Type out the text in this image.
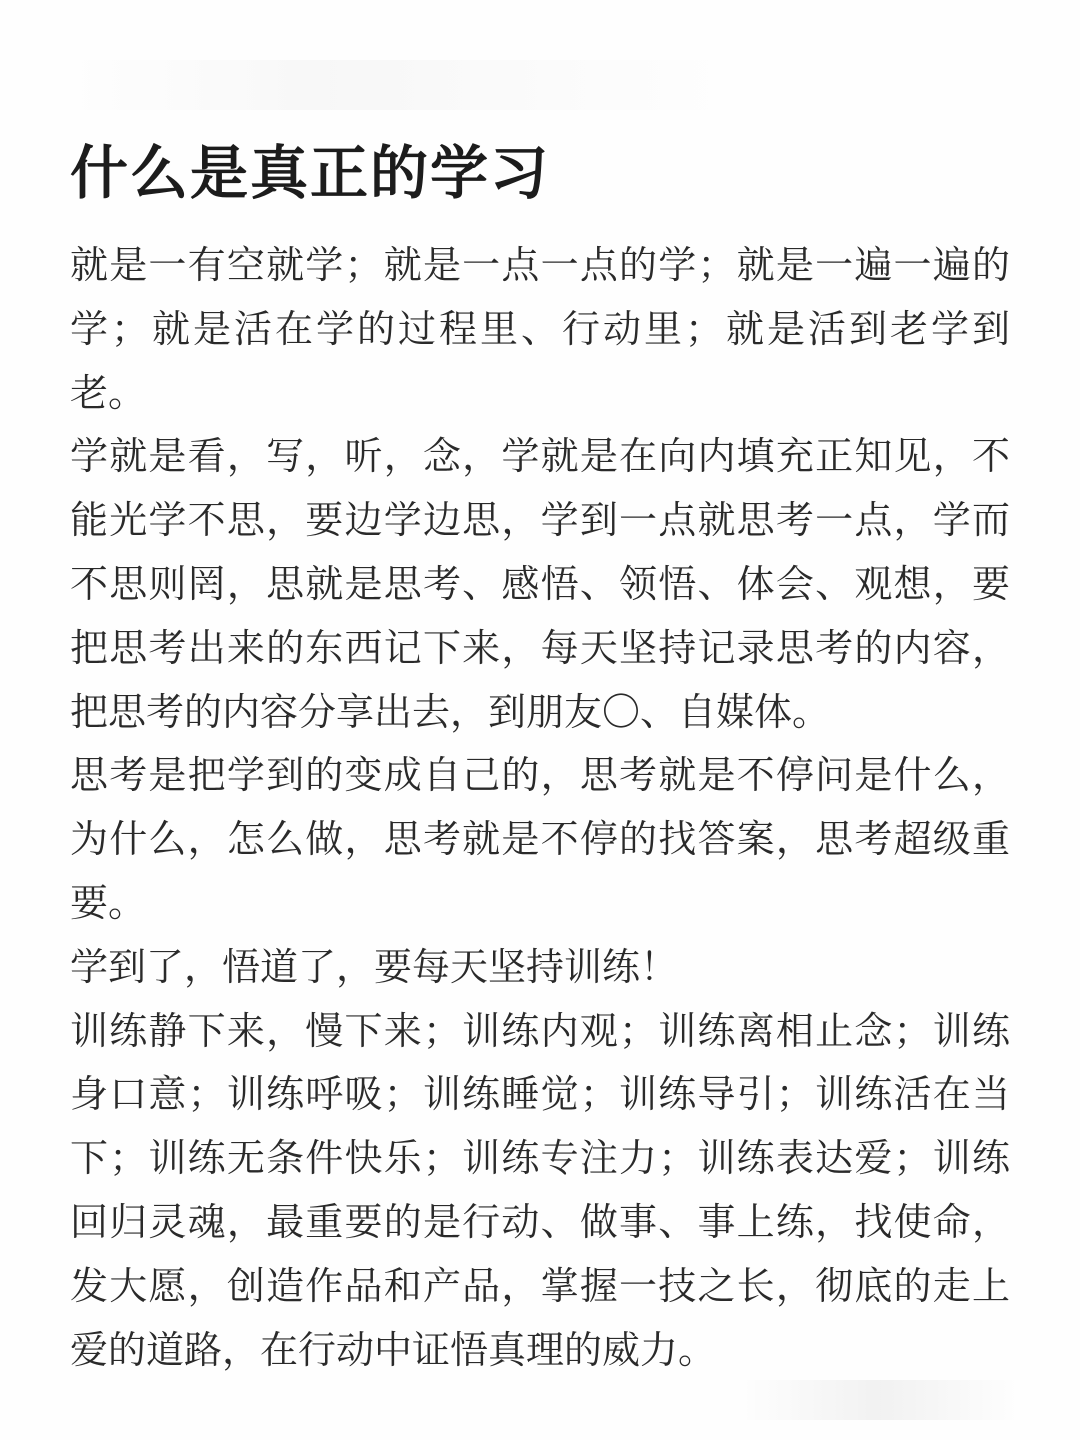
什么是真正的学习

就是一有空就学；就是一点一点的学；就是一遍一遍的学；就是活在学的过程里、行动里；就是活到老学到老。

学就是看，写，听，念，学就是在向内填充正知见，不能光学不思，要边学边思，学到一点就思考一点，学而不思则罔，思就是思考、感悟、领悟、体会、观想，要把思考出来的东西记下来，每天坚持记录思考的内容，把思考的内容分享出去，到朋友〇、自媒体。

思考是把学到的变成自己的，思考就是不停问是什么，为什么，怎么做，思考就是不停的找答案，思考超级重要。

学到了，悟道了，要每天坚持训练！

训练静下来，慢下来；训练内观；训练离相止念；训练身口意；训练呼吸；训练睡觉；训练导引；训练活在当下；训练无条件快乐；训练专注力；训练表达爱；训练回归灵魂，最重要的是行动、做事、事上练，找使命，发大愿，创造作品和产品，掌握一技之长，彻底的走上爱的道路，在行动中证悟真理的威力。
